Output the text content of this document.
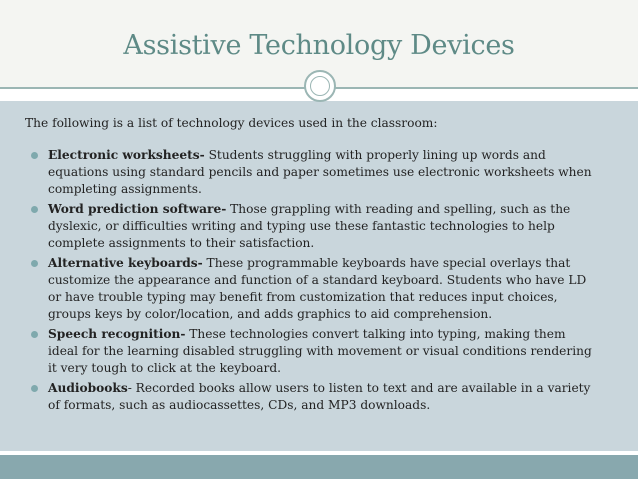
Assistive Technology Devices

The following is a list of technology devices used in the classroom:

Electronic worksheets- Students struggling with properly lining up words and equations using standard pencils and paper sometimes use electronic worksheets when completing assignments.
Word prediction software- Those grappling with reading and spelling, such as the dyslexic, or difficulties writing and typing use these fantastic technologies to help complete assignments to their satisfaction.
Alternative keyboards- These programmable keyboards have special overlays that customize the appearance and function of a standard keyboard. Students who have LD or have trouble typing may benefit from customization that reduces input choices, groups keys by color/location, and adds graphics to aid comprehension.
Speech recognition- These technologies convert talking into typing, making them ideal for the learning disabled struggling with movement or visual conditions rendering it very tough to click at the keyboard.
Audiobooks- Recorded books allow users to listen to text and are available in a variety of formats, such as audiocassettes, CDs, and MP3 downloads.
